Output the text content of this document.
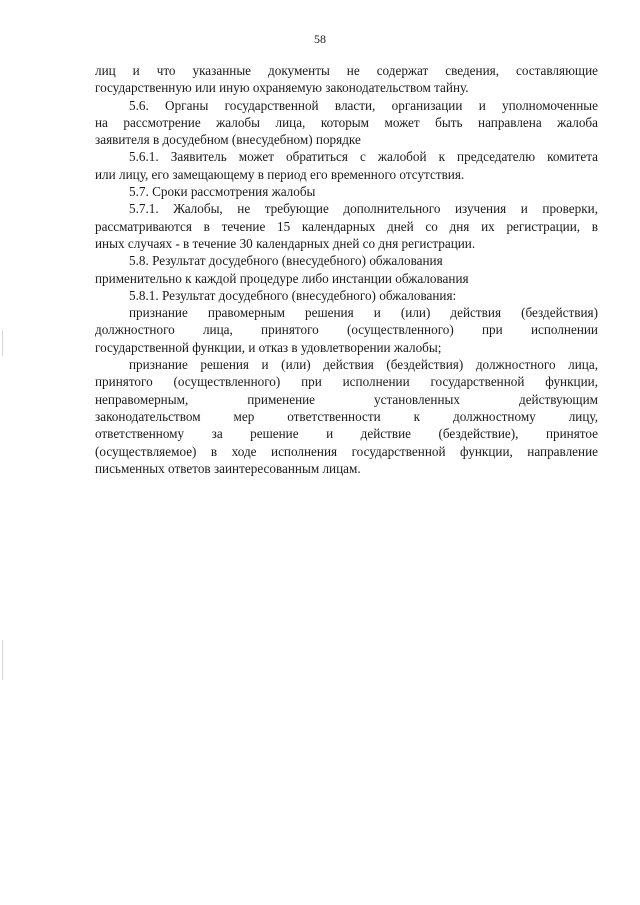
58
лиц и что указанные документы не содержат сведения, составляющие
государственную или иную охраняемую законодательством тайну.
5.6. Органы государственной власти, организации и уполномоченные
на рассмотрение жалобы лица, которым может быть направлена жалоба
заявителя в досудебном (внесудебном) порядке
5.6.1. Заявитель может обратиться с жалобой к председателю комитета
или лицу, его замещающему в период его временного отсутствия.
5.7. Сроки рассмотрения жалобы
5.7.1. Жалобы, не требующие дополнительного изучения и проверки,
рассматриваются в течение 15 календарных дней со дня их регистрации, в
иных случаях - в течение 30 календарных дней со дня регистрации.
5.8. Результат досудебного (внесудебного) обжалования
применительно к каждой процедуре либо инстанции обжалования
5.8.1. Результат досудебного (внесудебного) обжалования:
признание правомерным решения и (или) действия (бездействия)
должностного лица, принятого (осуществленного) при исполнении
государственной функции, и отказ в удовлетворении жалобы;
признание решения и (или) действия (бездействия) должностного лица,
принятого (осуществленного) при исполнении государственной функции,
неправомерным, применение установленных действующим
законодательством мер ответственности к должностному лицу,
ответственному за решение и действие (бездействие), принятое
(осуществляемое) в ходе исполнения государственной функции, направление
письменных ответов заинтересованным лицам.
